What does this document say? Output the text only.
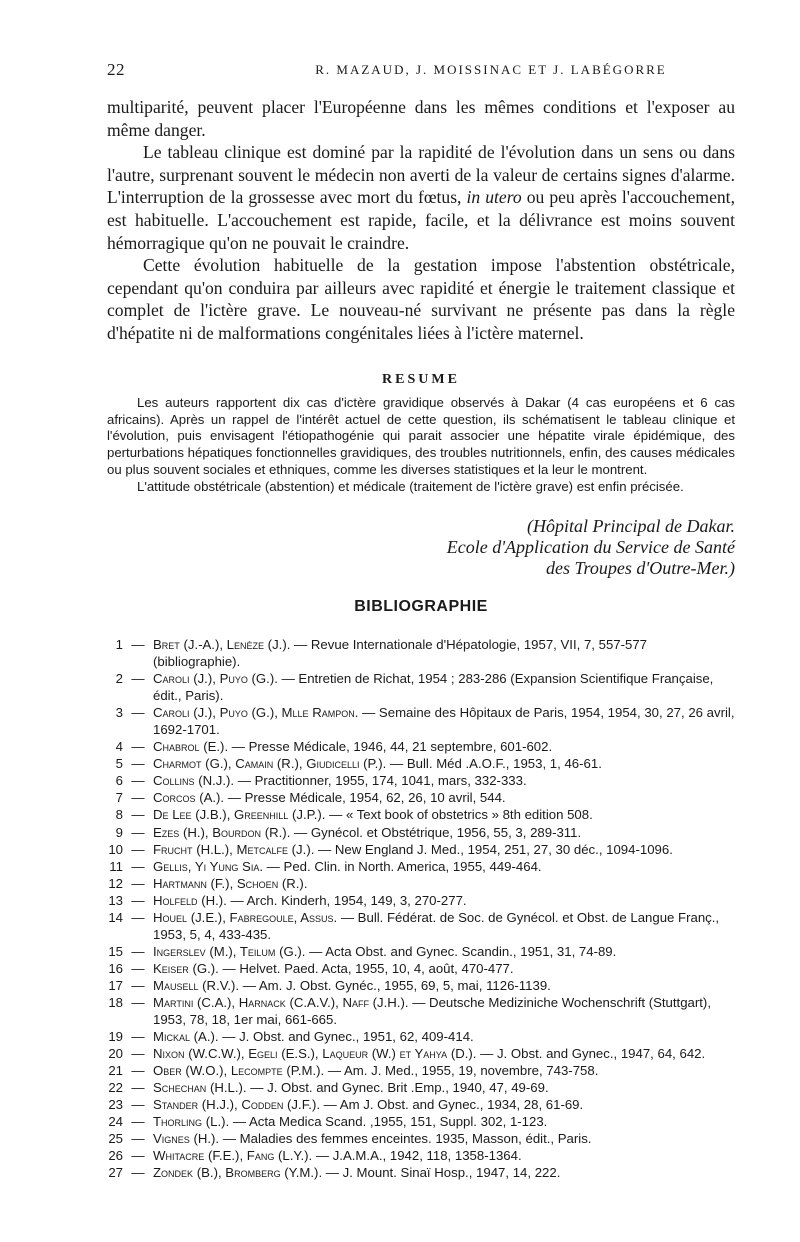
22	R. MAZAUD, J. MOISSINAC ET J. LABÉGORRE

multiparité, peuvent placer l'Européenne dans les mêmes conditions et l'exposer au même danger.

Le tableau clinique est dominé par la rapidité de l'évolution dans un sens ou dans l'autre, surprenant souvent le médecin non averti de la valeur de certains signes d'alarme. L'interruption de la grossesse avec mort du fœtus, in utero ou peu après l'accouchement, est habituelle. L'accouchement est rapide, facile, et la délivrance est moins souvent hémorragique qu'on ne pouvait le craindre.

Cette évolution habituelle de la gestation impose l'abstention obstétricale, cependant qu'on conduira par ailleurs avec rapidité et énergie le traitement classique et complet de l'ictère grave. Le nouveau-né survivant ne présente pas dans la règle d'hépatite ni de malformations congénitales liées à l'ictère maternel.

RESUME

Les auteurs rapportent dix cas d'ictère gravidique observés à Dakar (4 cas européens et 6 cas africains). Après un rappel de l'intérêt actuel de cette question, ils schématisent le tableau clinique et l'évolution, puis envisagent l'étiopathogénie qui parait associer une hépatite virale épidémique, des perturbations hépatiques fonctionnelles gravidiques, des troubles nutritionnels, enfin, des causes médicales ou plus souvent sociales et ethniques, comme les diverses statistiques et la leur le montrent.

L'attitude obstétricale (abstention) et médicale (traitement de l'ictère grave) est enfin précisée.

(Hôpital Principal de Dakar.
Ecole d'Application du Service de Santé
des Troupes d'Outre-Mer.)
BIBLIOGRAPHIE
1 — Bret (J.-A.), Lenèze (J.). — Revue Internationale d'Hépatologie, 1957, VII, 7, 557-577 (bibliographie).
2 — Caroli (J.), Puyo (G.). — Entretien de Richat, 1954 ; 283-286 (Expansion Scientifique Française, édit., Paris).
3 — Caroli (J.), Puyo (G.), Mlle Rampon. — Semaine des Hôpitaux de Paris, 1954, 1954, 30, 27, 26 avril, 1692-1701.
4 — Chabrol (E.). — Presse Médicale, 1946, 44, 21 septembre, 601-602.
5 — Charmot (G.), Camain (R.), Giudicelli (P.). — Bull. Méd .A.O.F., 1953, 1, 46-61.
6 — Collins (N.J.). — Practitionner, 1955, 174, 1041, mars, 332-333.
7 — Corcos (A.). — Presse Médicale, 1954, 62, 26, 10 avril, 544.
8 — De Lee (J.B.), Greenhill (J.P.). — « Text book of obstetrics » 8th edition 508.
9 — Ezes (H.), Bourdon (R.). — Gynécol. et Obstétrique, 1956, 55, 3, 289-311.
10 — Frucht (H.L.), Metcalfe (J.). — New England J. Med., 1954, 251, 27, 30 déc., 1094-1096.
11 — Gellis, Yi Yung Sia. — Ped. Clin. in North. America, 1955, 449-464.
12 — Hartmann (F.), Schoen (R.).
13 — Holfeld (H.). — Arch. Kinderh, 1954, 149, 3, 270-277.
14 — Houel (J.E.), Fabregoule, Assus. — Bull. Fédérat. de Soc. de Gynécol. et Obst. de Langue Franç., 1953, 5, 4, 433-435.
15 — Ingerslev (M.), Teilum (G.). — Acta Obst. and Gynec. Scandin., 1951, 31, 74-89.
16 — Keiser (G.). — Helvet. Paed. Acta, 1955, 10, 4, août, 470-477.
17 — Mausell (R.V.). — Am. J. Obst. Gynéc., 1955, 69, 5, mai, 1126-1139.
18 — Martini (C.A.), Harnack (C.A.V.), Naff (J.H.). — Deutsche Mediziniche Wochenschrift (Stuttgart), 1953, 78, 18, 1er mai, 661-665.
19 — Mickal (A.). — J. Obst. and Gynec., 1951, 62, 409-414.
20 — Nixon (W.C.W.), Egeli (E.S.), Laqueur (W.) et Yahya (D.). — J. Obst. and Gynec., 1947, 64, 642.
21 — Ober (W.O.), Lecompte (P.M.). — Am. J. Med., 1955, 19, novembre, 743-758.
22 — Schechan (H.L.). — J. Obst. and Gynec. Brit .Emp., 1940, 47, 49-69.
23 — Stander (H.J.), Codden (J.F.). — Am J. Obst. and Gynec., 1934, 28, 61-69.
24 — Thorling (L.). — Acta Medica Scand. ,1955, 151, Suppl. 302, 1-123.
25 — Vignes (H.). — Maladies des femmes enceintes. 1935, Masson, édit., Paris.
26 — Whitacre (F.E.), Fang (L.Y.). — J.A.M.A., 1942, 118, 1358-1364.
27 — Zondek (B.), Bromberg (Y.M.). — J. Mount. Sinaï Hosp., 1947, 14, 222.
